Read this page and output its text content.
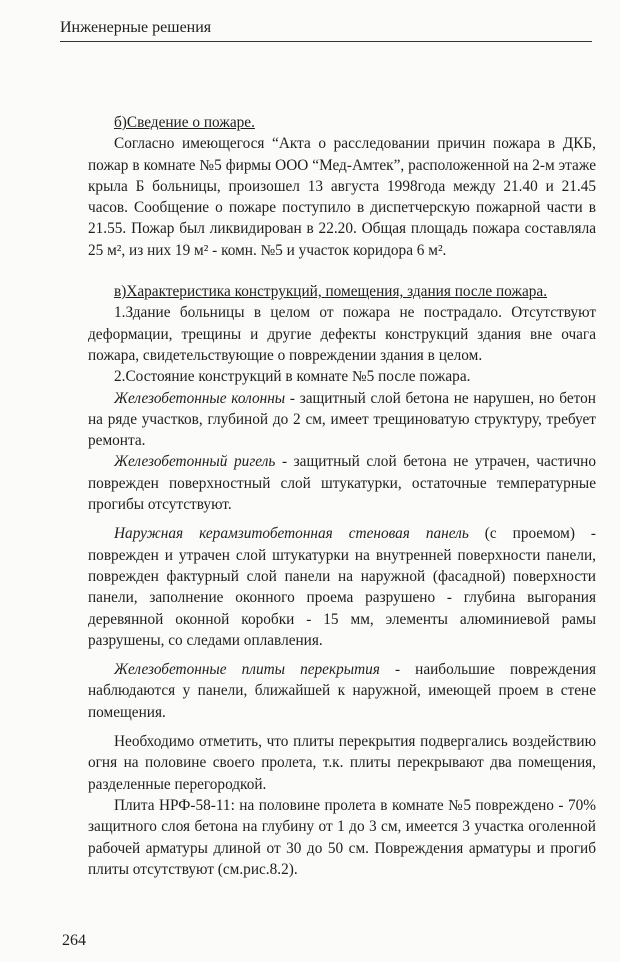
Инженерные решения

б)Сведение о пожаре.

Согласно имеющегося “Акта о расследовании причин пожара в ДКБ, пожар в комнате №5 фирмы ООО “Мед-Амтек”, расположенной на 2-м этаже крыла Б больницы, произошел 13 августа 1998года между 21.40 и 21.45 часов. Сообщение о пожаре поступило в диспетчерскую пожарной части в 21.55. Пожар был ликвидирован в 22.20. Общая площадь пожара составляла 25 м², из них 19 м² - комн. №5 и участок коридора 6 м².

в)Характеристика конструкций, помещения, здания после пожара.

1.Здание больницы в целом от пожара не пострадало. Отсутствуют деформации, трещины и другие дефекты конструкций здания вне очага пожара, свидетельствующие о повреждении здания в целом.

2.Состояние конструкций в комнате №5 после пожара.

Железобетонные колонны - защитный слой бетона не нарушен, но бетон на ряде участков, глубиной до 2 см, имеет трещиноватую структуру, требует ремонта.

Железобетонный ригель - защитный слой бетона не утрачен, частично поврежден поверхностный слой штукатурки, остаточные температурные прогибы отсутствуют.

Наружная керамзитобетонная стеновая панель (с проемом) - поврежден и утрачен слой штукатурки на внутренней поверхности панели, поврежден фактурный слой панели на наружной (фасадной) поверхности панели, заполнение оконного проема разрушено - глубина выгорания деревянной оконной коробки - 15 мм, элементы алюминиевой рамы разрушены, со следами оплавления.

Железобетонные плиты перекрытия - наибольшие повреждения наблюдаются у панели, ближайшей к наружной, имеющей проем в стене помещения.

Необходимо отметить, что плиты перекрытия подвергались воздействию огня на половине своего пролета, т.к. плиты перекрывают два помещения, разделенные перегородкой.

Плита НРФ-58-11: на половине пролета в комнате №5 повреждено - 70% защитного слоя бетона на глубину от 1 до 3 см, имеется 3 участка оголенной рабочей арматуры длиной от 30 до 50 см. Повреждения арматуры и прогиб плиты отсутствуют (см.рис.8.2).

264
